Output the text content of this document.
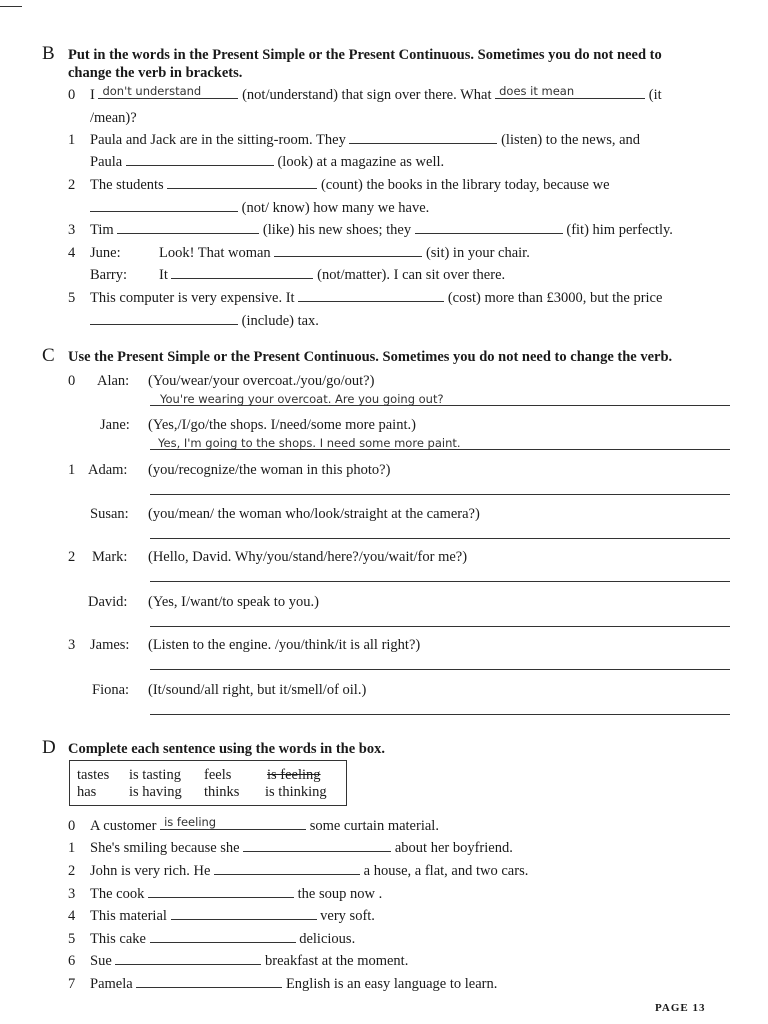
B Put in the words in the Present Simple or the Present Continuous. Sometimes you do not need to
change the verb in brackets.
0 I don't understand	(not/understand) that sign over there. What does it mean	(it
/mean)?
1 Paula and Jack are in the sitting-room. They	(listen) to the news, and
Paula	(look) at a magazine as well.
2 The students	(count) the books in the library today, because we
(not/ know) how many we have.
3 Tim	(like) his new shoes; they	(fit) him perfectly.
4 June:	Look! That woman	(sit) in your chair.
Barry: It	(not/matter). I can sit over there.
5 This computer is very expensive. It	(cost) more than £3000, but the price
(include) tax.
C Use the Present Simple or the Present Continuous. Sometimes you do not need to change the verb.
0 Alan: (You/wear/your overcoat./you/go/out?)
You're wearing your overcoat. Are you going out?
Jane: (Yes,/I/go/the shops. I/need/some more paint.)
Yes, I'm going to the shops. I need some more paint.
1 Adam: (you/recognize/the woman in this photo?)
Susan: (you/mean/ the woman who/look/straight at the camera?)
2 Mark: (Hello, David. Why/you/stand/here?/you/wait/for me?)
David: (Yes, I/want/to speak to you.)
3 James: (Listen to the engine. /you/think/it is all right?)
Fiona: (It/sound/all right, but it/smell/of oil.)
D Complete each sentence using the words in the box.
tastes is tasting feels is feeling
has is having thinks is thinking
0 A customer is feeling	some curtain material.
1 She's smiling because she	about her boyfriend.
2 John is very rich. He	a house, a flat, and two cars.
3 The cook	the soup now .
4 This material	very soft.
5 This cake	delicious.
6 Sue	breakfast at the moment.
7 Pamela	English is an easy language to learn.
PAGE 13
